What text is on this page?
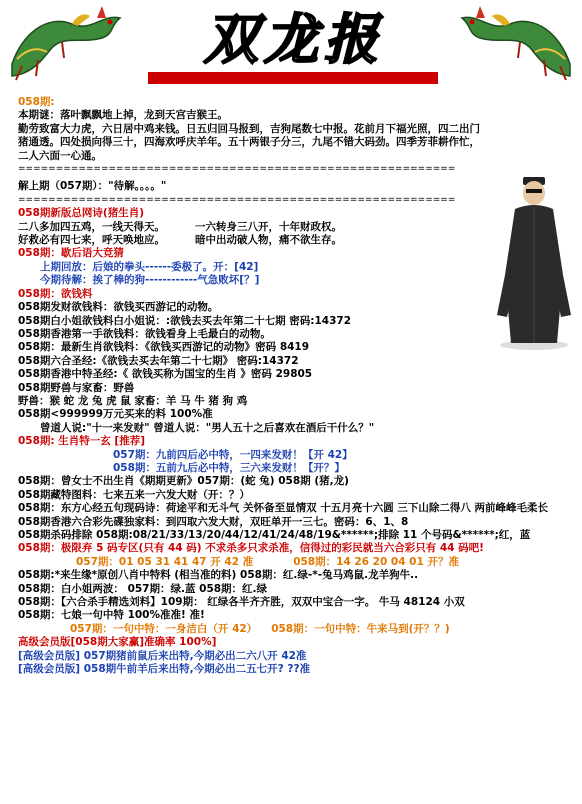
双龙报
058期:
本期谜：落叶飘飘地上掉，龙到天宫吉猴王。
勤劳致富大力虎，六日居中鸡来钱。日五归回马报到，吉狗尾数七中报。花前月下福光照，四二出门猪通透。四处损向得三十，四海欢呼庆羊年。五十两银子分三，九尾不错大码劲。四季芳菲耕作忙，二人六面一心通。
==========================================================
解上期（057期）："待解。。。。"
==========================================================
058期新版总网诗(猪生肖)
二八多加四五鸡，一线天得天。	一六转身三八开，十年财政权。
好救必有四七来，呼天唤地应。	暗中出动破人物，痛不欲生存。
058期：歇后语大竞猜
上期回放：后娘的拳头------委极了。开：[42]
今期待解：挨了棒的狗------------气急败坏[？]
058期：欲钱料
058期发财欲钱料：欲钱买西游记的动物。
058期白小姐欲钱料白小姐说：:欲钱去买去年第二十七期 密码:14372
058期香港第一手欲钱料：欲钱看身上毛最白的动物。
058期：最新生肖欲钱料：《欲钱买西游记的动物》密码 8419
058期六合圣经:《欲钱去买去年第二十七期》 密码:14372
058期香港中特圣经:《 欲钱买称为国宝的生肖 》密码 29805
058期野兽与家畜：野兽
野兽：猴 蛇 龙 兔 虎 鼠 家畜：羊 马 牛 猪 狗 鸡
058期<999999万元买来的料 100%准
曾道人说:"十一来发财" 曾道人说："男人五十之后喜欢在酒后干什么？"
058期: 生肖特一玄 [推荐]
057期：九前四后必中特，一四来发财！【开 42】
058期：五前九后必中特，三六来发财！【开？】
058期：曾女士不出生肖《期期更新》057期：(蛇 兔) 058期 (猪,龙)
058期藏特图料：七来五来一六发大财（开：？）
058期：东方心经五句现码诗：荷途平和无斗气 关怀备至显情双 十五月亮十六圆 三下山除二得八 两前峰峰毛柔长
058期香港六合彩先碟独家料：到四取六发大财，双旺单开一三七。密码：6、1、8
058期杀码排除 058期:08/21/33/13/20/44/12/41/24/48/19&******;排除 11 个号码&******;红，蓝
058期：极限弃 5 码专区(只有 44 码) 不求杀多只求杀准，信得过的彩民就当六合彩只有 44 码吧!
057期：01 05 31 41 47 开 42 准	058期：14 26 20 04 01 开？准
058期:*来生缘*原创八肖中特料 (相当准的料) 058期：红.绿-*-兔马鸡鼠.龙羊狗牛..
058期：白小姐两波： 057期：绿.蓝 058期：红.绿
058期：【六合杀手精选刘料】109期： 红绿各半齐齐胜，双双中宝合一字。 牛马 48124 小双
058期：七娘一句中特 100%准准! 准!
057期：一句中特：一身洁白（开 42） 058期：一句中特：牛来马到(开？？)
高级会员版[058期大家赢]准确率 100%]
[高级会员版] 057期猪前鼠后来出特,今期必出二六八开 42准
[高级会员版] 058期牛前羊后来出特,今期必出二五七开? ??准
